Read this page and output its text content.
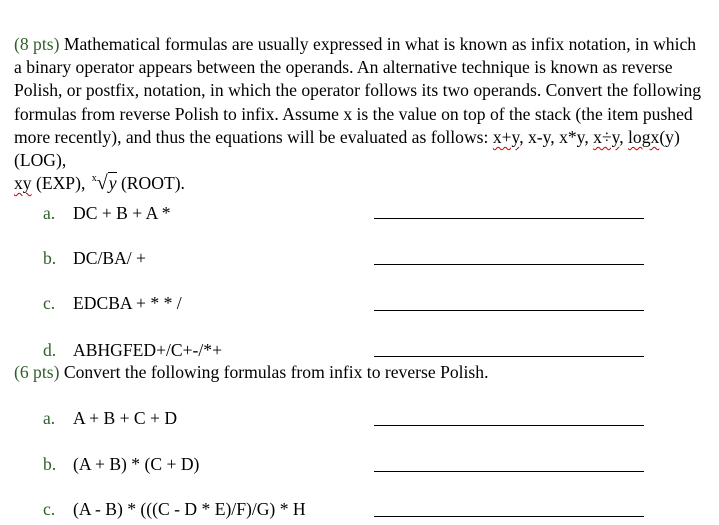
(8 pts) Mathematical formulas are usually expressed in what is known as infix notation, in which a binary operator appears between the operands. An alternative technique is known as reverse Polish, or postfix, notation, in which the operator follows its two operands. Convert the following formulas from reverse Polish to infix. Assume x is the value on top of the stack (the item pushed more recently), and thus the equations will be evaluated as follows: x+y, x-y, x*y, x÷y, logx(y) (LOG),
xy (EXP), $^x$√y (ROOT).
a. DC + B + A *
b. DC/BA/ +
c. EDCBA + * * /
d. ABHGFED+/C+-/*+
(6 pts) Convert the following formulas from infix to reverse Polish.
a. A + B + C + D
b. (A + B) * (C + D)
c. (A - B) * (((C - D * E)/F)/G) * H
